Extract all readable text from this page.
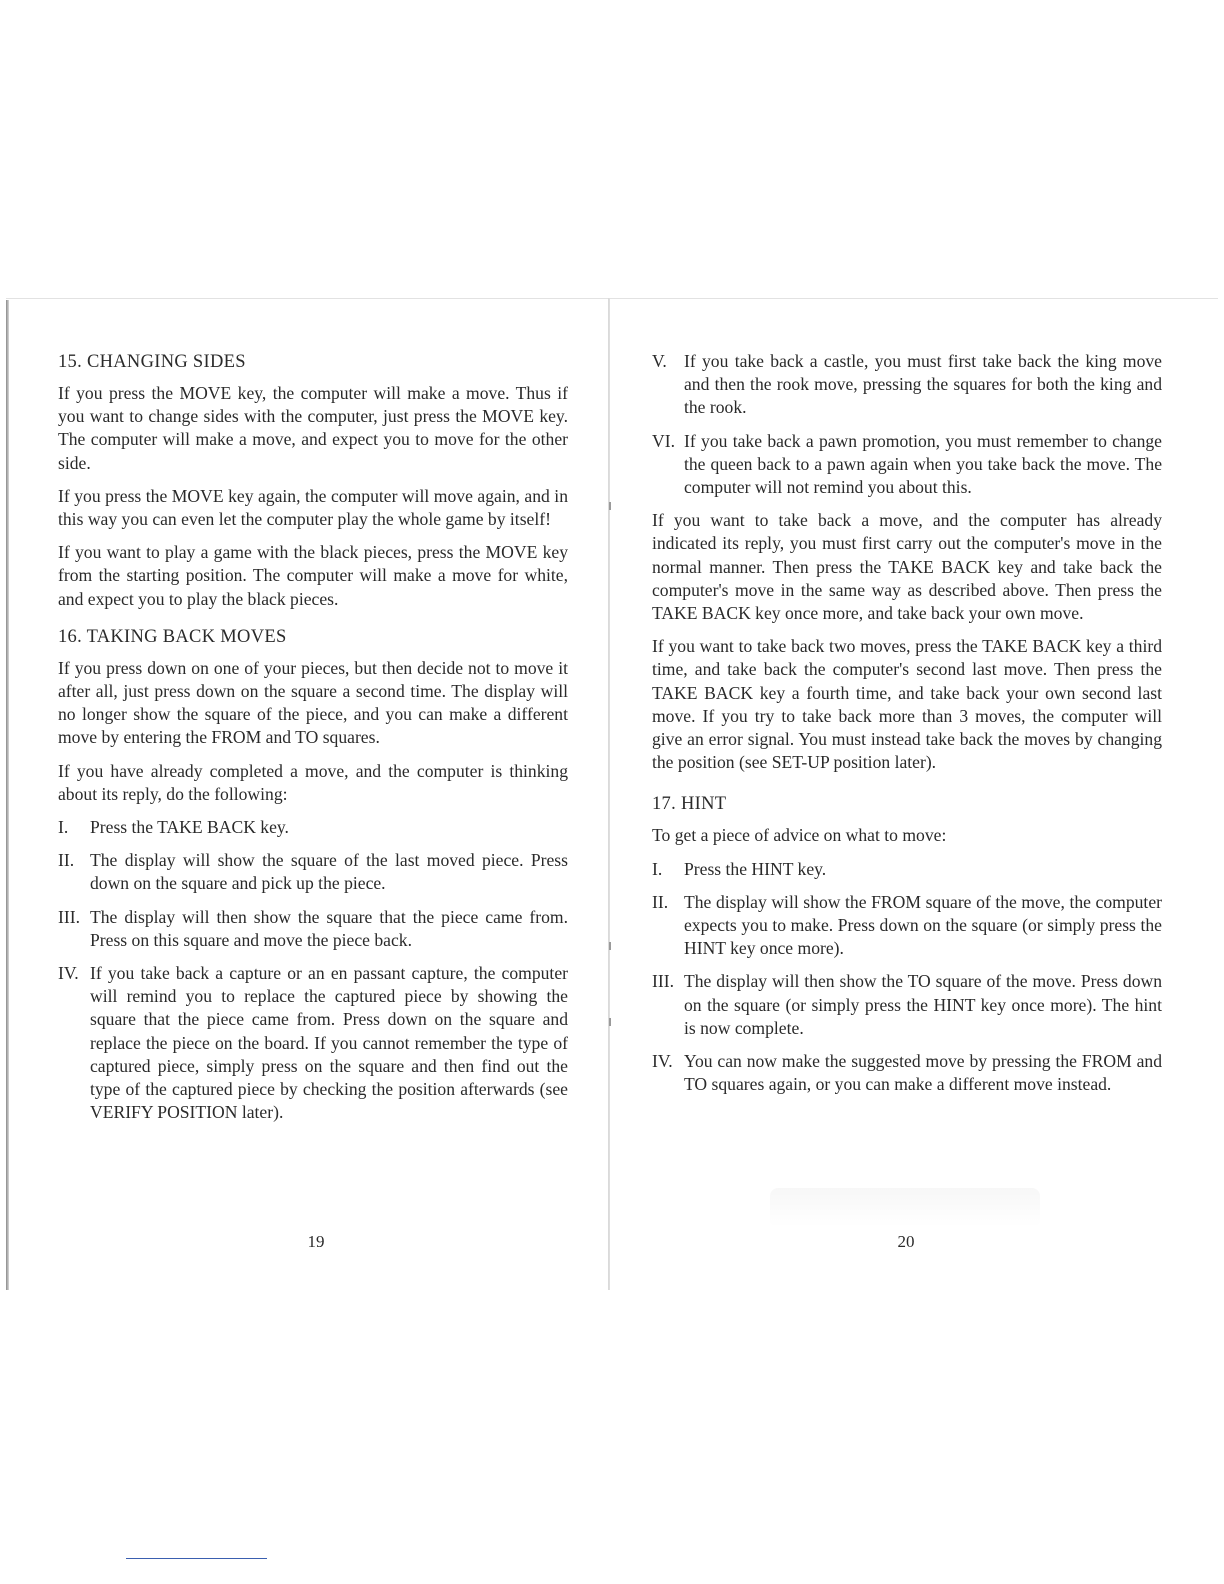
15. CHANGING SIDES

If you press the MOVE key, the computer will make a move. Thus if you want to change sides with the computer, just press the MOVE key. The computer will make a move, and expect you to move for the other side.

If you press the MOVE key again, the computer will move again, and in this way you can even let the computer play the whole game by itself!

If you want to play a game with the black pieces, press the MOVE key from the starting position. The computer will make a move for white, and expect you to play the black pieces.

16. TAKING BACK MOVES

If you press down on one of your pieces, but then decide not to move it after all, just press down on the square a second time. The display will no longer show the square of the piece, and you can make a different move by entering the FROM and TO squares.

If you have already completed a move, and the computer is thinking about its reply, do the following:

I. Press the TAKE BACK key.
II. The display will show the square of the last moved piece. Press down on the square and pick up the piece.
III. The display will then show the square that the piece came from. Press on this square and move the piece back.
IV. If you take back a capture or an en passant capture, the computer will remind you to replace the captured piece by showing the square that the piece came from. Press down on the square and replace the piece on the board. If you cannot remember the type of captured piece, simply press on the square and then find out the type of the captured piece by checking the position afterwards (see VERIFY POSITION later).
19
V. If you take back a castle, you must first take back the king move and then the rook move, pressing the squares for both the king and the rook.
VI. If you take back a pawn promotion, you must remember to change the queen back to a pawn again when you take back the move. The computer will not remind you about this.

If you want to take back a move, and the computer has already indicated its reply, you must first carry out the computer's move in the normal manner. Then press the TAKE BACK key and take back the computer's move in the same way as described above. Then press the TAKE BACK key once more, and take back your own move.

If you want to take back two moves, press the TAKE BACK key a third time, and take back the computer's second last move. Then press the TAKE BACK key a fourth time, and take back your own second last move. If you try to take back more than 3 moves, the computer will give an error signal. You must instead take back the moves by changing the position (see SET-UP position later).

17. HINT

To get a piece of advice on what to move:

I. Press the HINT key.
II. The display will show the FROM square of the move, the computer expects you to make. Press down on the square (or simply press the HINT key once more).
III. The display will then show the TO square of the move. Press down on the square (or simply press the HINT key once more). The hint is now complete.
IV. You can now make the suggested move by pressing the FROM and TO squares again, or you can make a different move instead.
20
